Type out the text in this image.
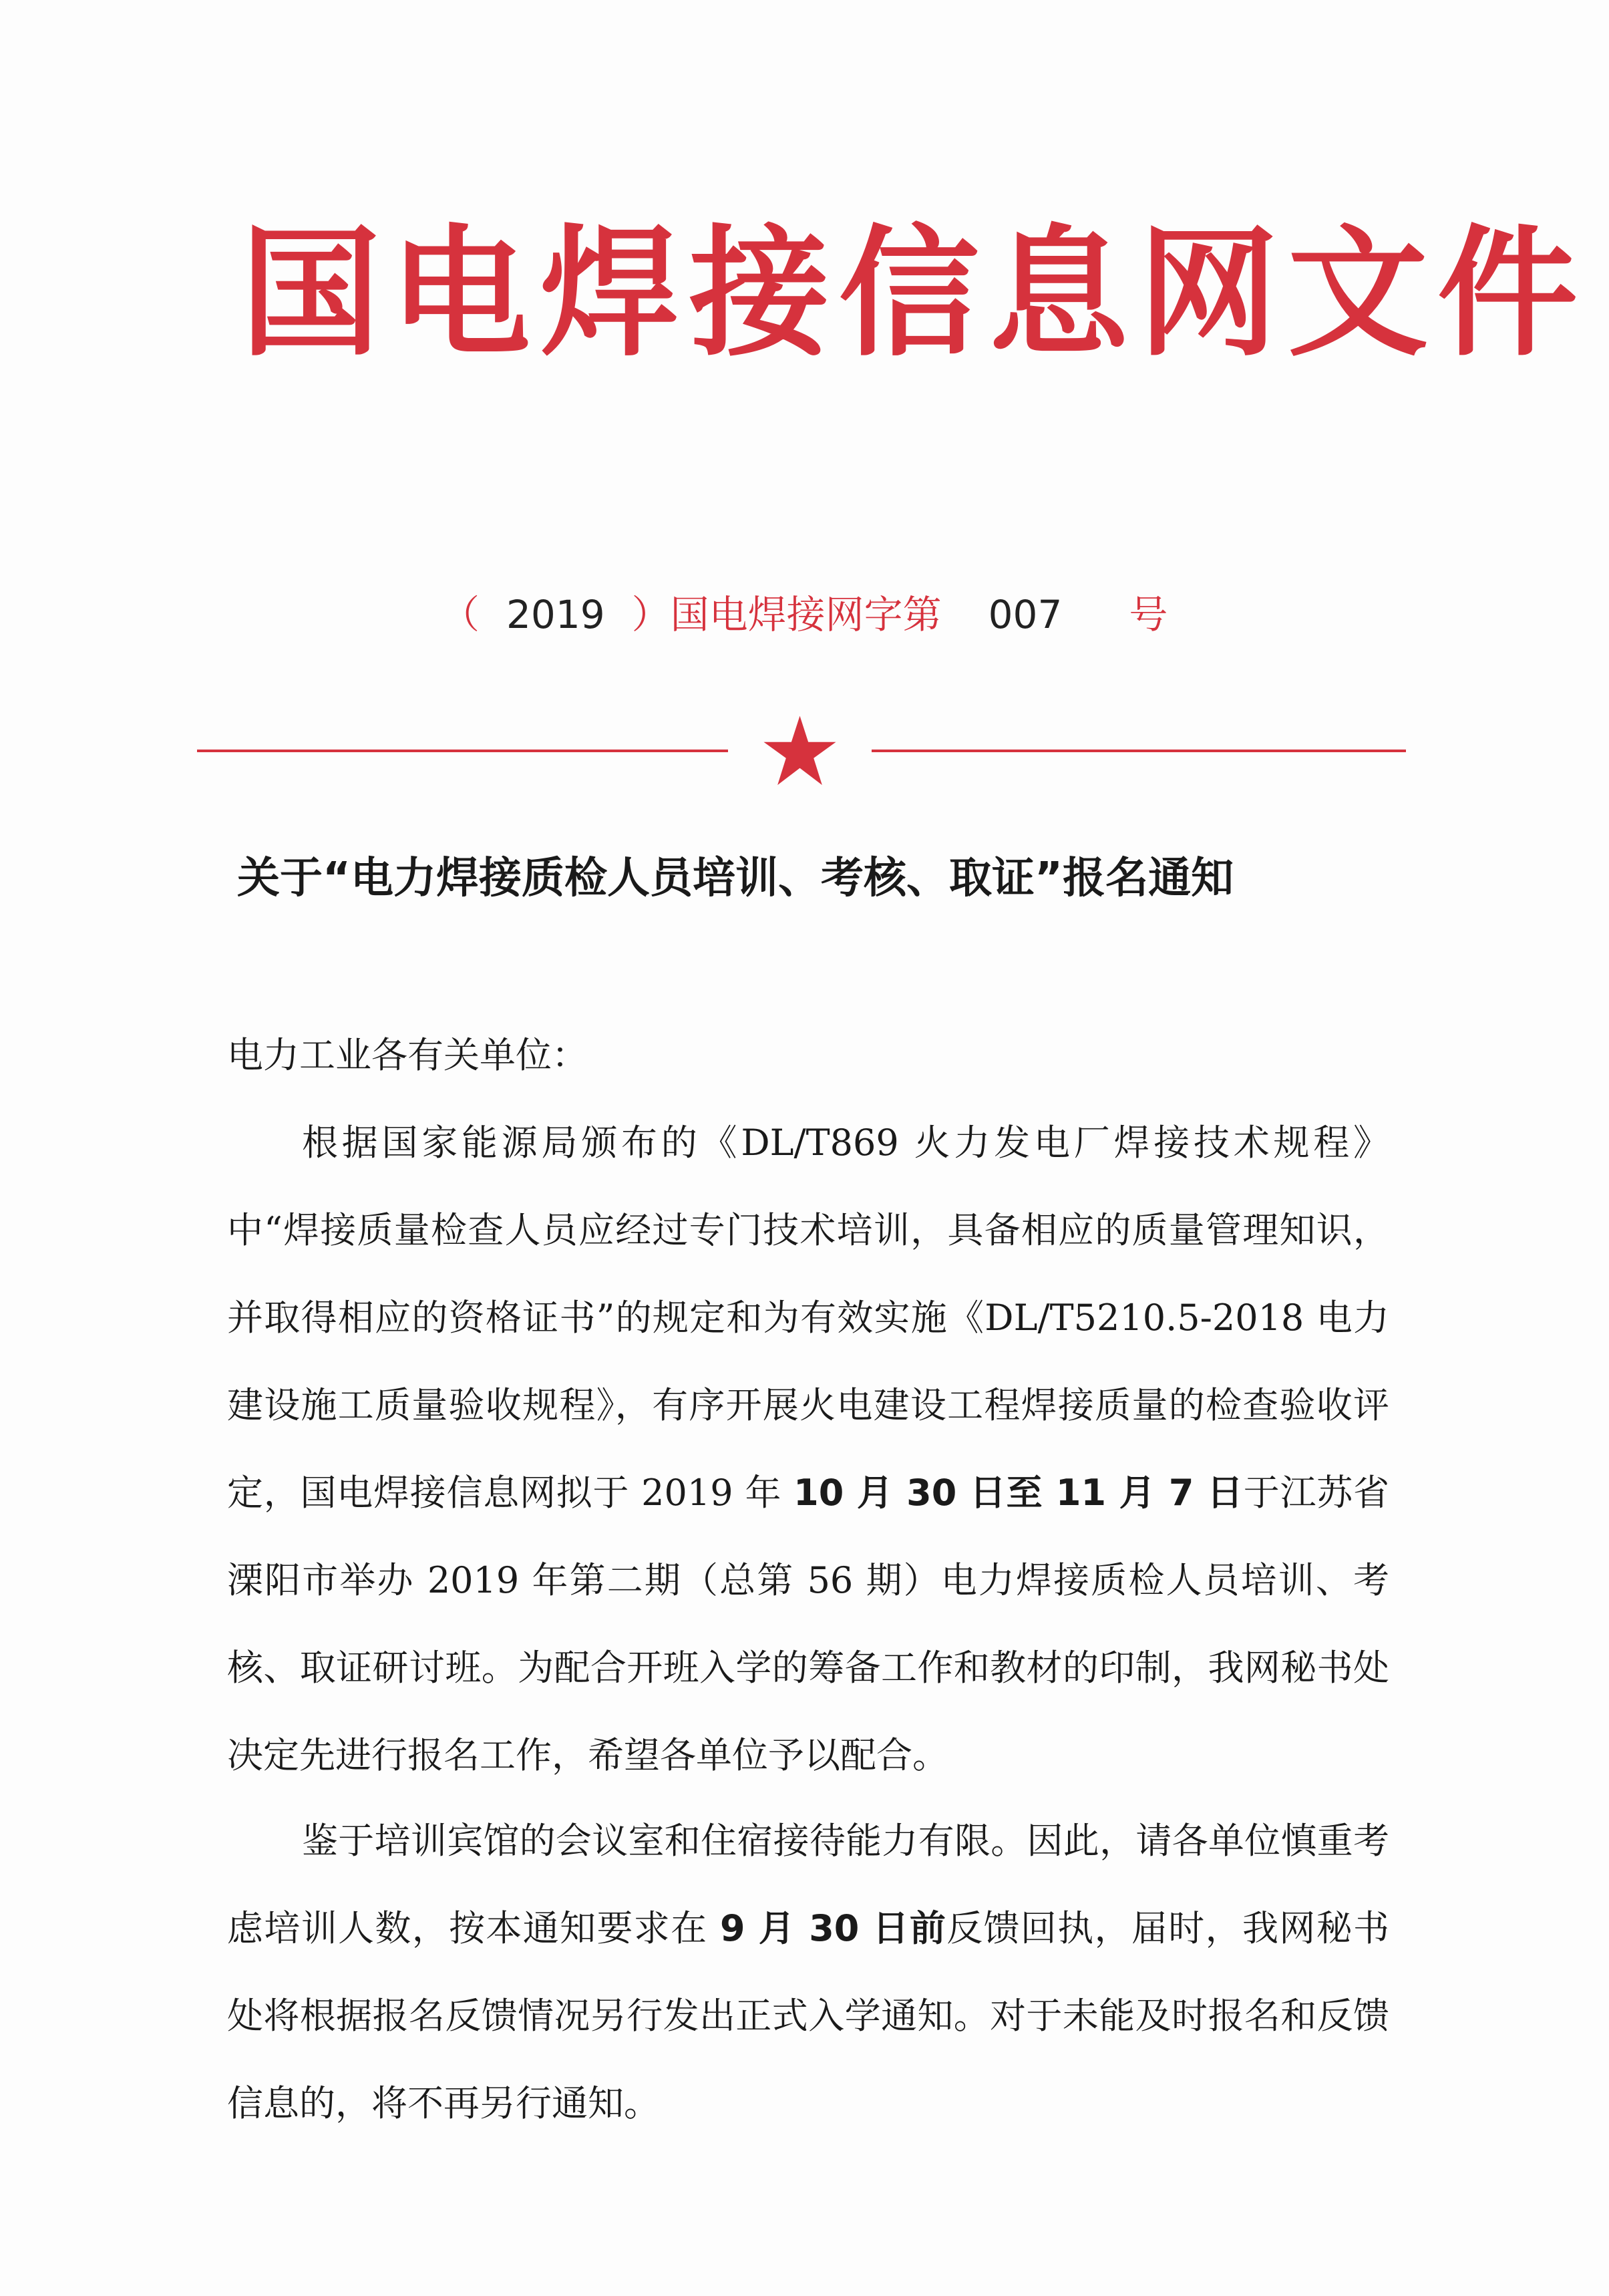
国电焊接信息网文件
（ 2019 ）国电焊接网字第 007 号
关于“电力焊接质检人员培训、考核、取证”报名通知
电力工业各有关单位：

根据国家能源局颁布的《DL/T869 火力发电厂焊接技术规程》中“焊接质量检查人员应经过专门技术培训，具备相应的质量管理知识，并取得相应的资格证书”的规定和为有效实施《DL/T5210.5-2018 电力建设施工质量验收规程》，有序开展火电建设工程焊接质量的检查验收评定，国电焊接信息网拟于 2019 年 10 月 30 日至 11 月 7 日于江苏省溧阳市举办 2019 年第二期（总第 56 期）电力焊接质检人员培训、考核、取证研讨班。为配合开班入学的筹备工作和教材的印制，我网秘书处决定先进行报名工作，希望各单位予以配合。

鉴于培训宾馆的会议室和住宿接待能力有限。因此，请各单位慎重考虑培训人数，按本通知要求在 9 月 30 日前反馈回执，届时，我网秘书处将根据报名反馈情况另行发出正式入学通知。对于未能及时报名和反馈信息的，将不再另行通知。
